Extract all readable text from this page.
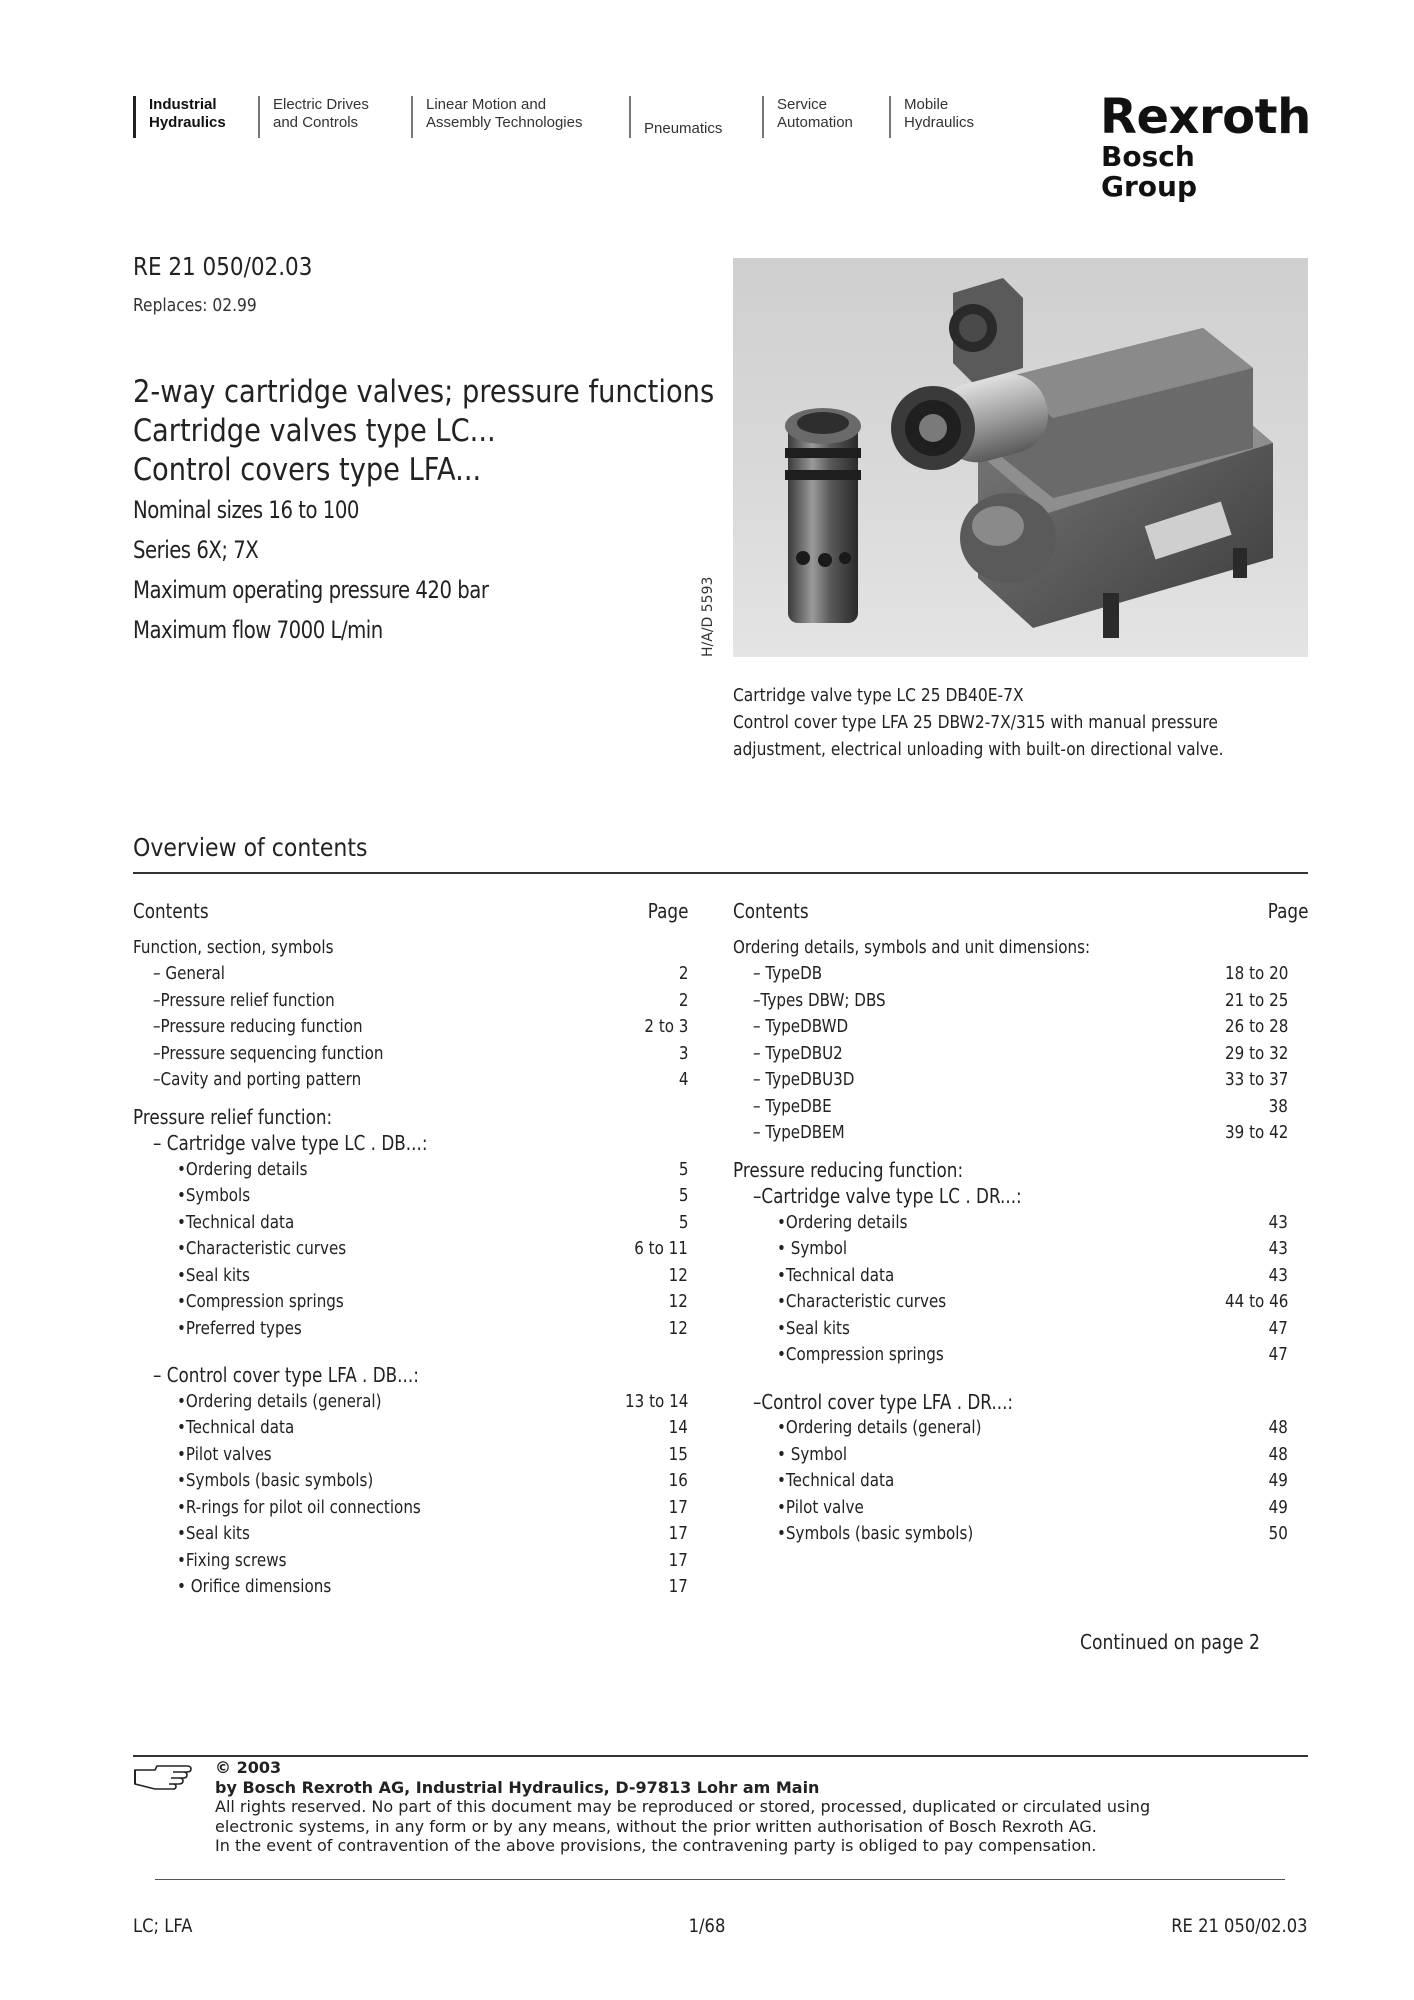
Industrial
Hydraulics
Electric Drives
and Controls
Linear Motion and
Assembly Technologies	Pneumatics
Service
Automation
Mobile
Hydraulics	Rexroth
Bosch Group
RE 21 050/02.03
Replaces: 02.99
2-way cartridge valves; pressure functions
Cartridge valves type LC...
Control covers type LFA...
Nominal sizes 16 to 100
Series 6X; 7X
Maximum operating pressure 420 bar
Maximum flow 7000 L/min	H/A/D 5593
Cartridge valve type LC 25 DB40E-7X
Control cover type LFA 25 DBW2-7X/315 with manual pressure
adjustment, electrical unloading with built-on directional valve.
Overview of contents
Contents	Page
Function, section, symbols
– General	2
–Pressure relief function	2
–Pressure reducing function	2 to 3
–Pressure sequencing function	3
–Cavity and porting pattern	4
Pressure relief function:
– Cartridge valve type LC . DB...:
•Ordering details	5
•Symbols	5
•Technical data	5
•Characteristic curves	6 to 11
•Seal kits	12
•Compression springs	12
•Preferred types	12
– Control cover type LFA . DB...:
•Ordering details (general)	13 to 14
•Technical data	14
•Pilot valves	15
•Symbols (basic symbols)	16
•R-rings for pilot oil connections	17
•Seal kits	17
•Fixing screws	17
• Orifice dimensions	17
Contents	Page
Ordering details, symbols and unit dimensions:
– TypeDB	18 to 20
–Types DBW; DBS	21 to 25
– TypeDBWD	26 to 28
– TypeDBU2	29 to 32
– TypeDBU3D	33 to 37
– TypeDBE	38
– TypeDBEM	39 to 42
Pressure reducing function:
–Cartridge valve type LC . DR...:
•Ordering details	43
• Symbol	43
•Technical data	43
•Characteristic curves	44 to 46
•Seal kits	47
•Compression springs	47
–Control cover type LFA . DR...:
•Ordering details (general)	48
• Symbol	48
•Technical data	49
•Pilot valve	49
•Symbols (basic symbols)	50
Continued on page 2
© 2003
by Bosch Rexroth AG, Industrial Hydraulics, D-97813 Lohr am Main
All rights reserved. No part of this document may be reproduced or stored, processed, duplicated or circulated using
electronic systems, in any form or by any means, without the prior written authorisation of Bosch Rexroth AG.
In the event of contravention of the above provisions, the contravening party is obliged to pay compensation.
LC; LFA	1/68	RE 21 050/02.03
